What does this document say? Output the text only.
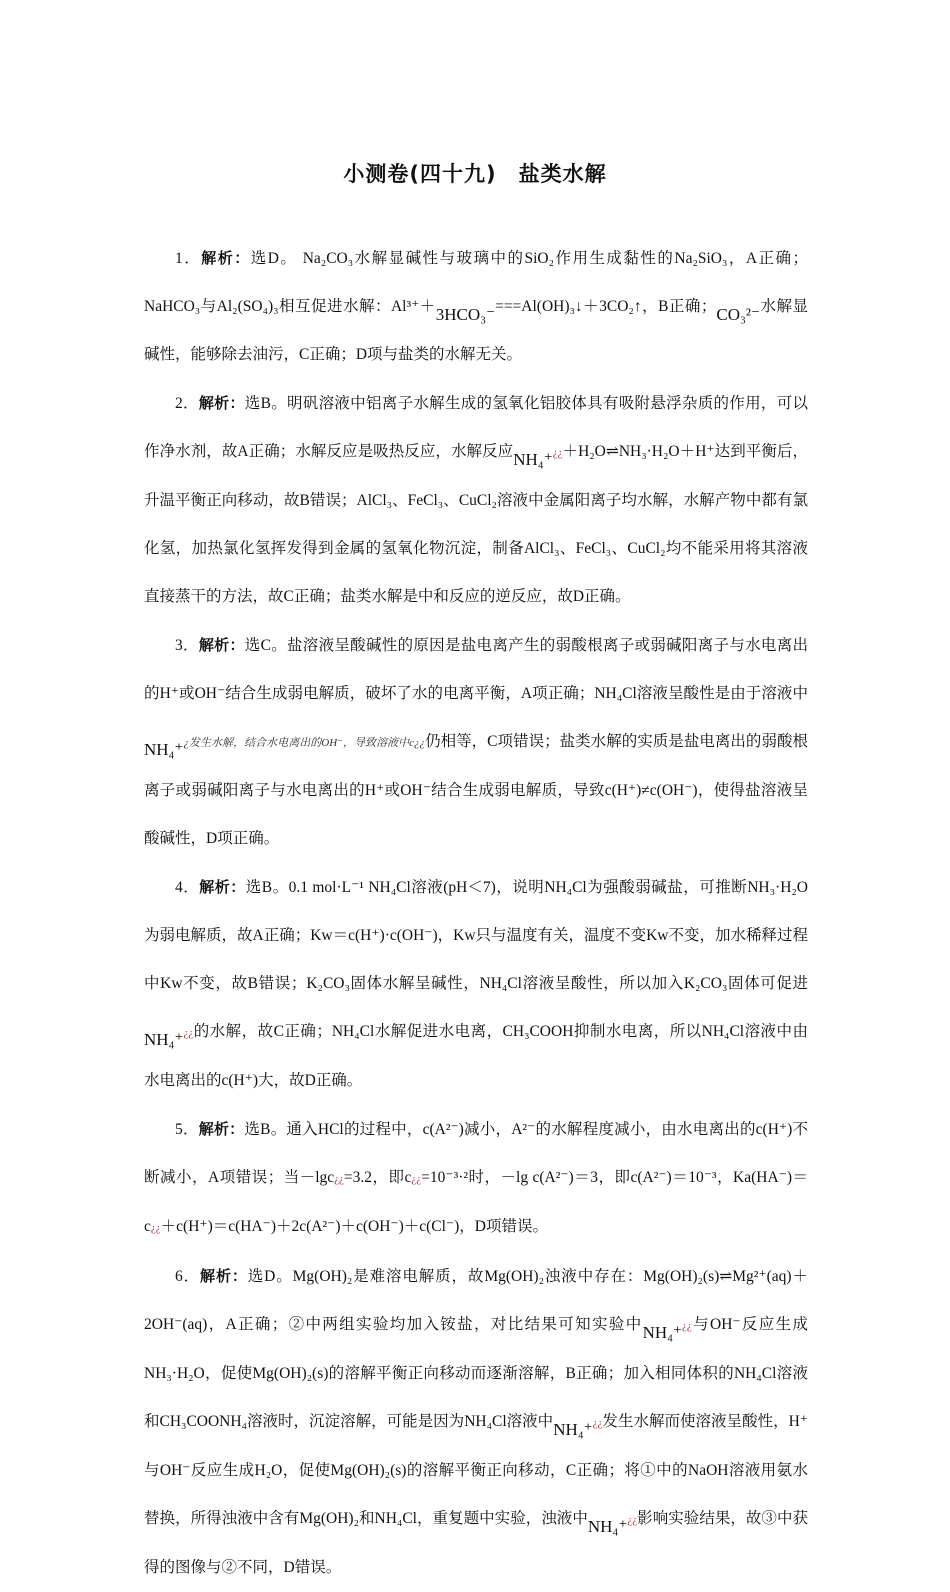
小测卷(四十九)　盐类水解

1．解析：选D。 Na₂CO₃水解显碱性与玻璃中的SiO₂作用生成黏性的Na₂SiO₃，A正确；NaHCO₃与Al₂(SO₄)₃相互促进水解：Al³⁺＋3HCO₃⁻===Al(OH)₃↓＋3CO₂↑，B正确；CO₃²⁻水解显碱性，能够除去油污，C正确；D项与盐类的水解无关。

2．解析：选B。明矾溶液中铝离子水解生成的氢氧化铝胶体具有吸附悬浮杂质的作用，可以作净水剂，故A正确；水解反应是吸热反应，水解反应NH₄⁺¿¿＋H₂O⇌NH₃·H₂O＋H⁺达到平衡后，升温平衡正向移动，故B错误；AlCl₃、FeCl₃、CuCl₂溶液中金属阳离子均水解，水解产物中都有氯化氢，加热氯化氢挥发得到金属的氢氧化物沉淀，制备AlCl₃、FeCl₃、CuCl₂均不能采用将其溶液直接蒸干的方法，故C正确；盐类水解是中和反应的逆反应，故D正确。

3．解析：选C。盐溶液呈酸碱性的原因是盐电离产生的弱酸根离子或弱碱阳离子与水电离出的H⁺或OH⁻结合生成弱电解质，破坏了水的电离平衡，A项正确；NH₄Cl溶液呈酸性是由于溶液中NH₄⁺¿发生水解，结合水电离出的OH⁻，导致溶液中c¿¿仍相等，C项错误；盐类水解的实质是盐电离出的弱酸根离子或弱碱阳离子与水电离出的H⁺或OH⁻结合生成弱电解质，导致c(H⁺)≠c(OH⁻)，使得盐溶液呈酸碱性，D项正确。

4．解析：选B。0.1 mol·L⁻¹ NH₄Cl溶液(pH＜7)，说明NH₄Cl为强酸弱碱盐，可推断NH₃·H₂O为弱电解质，故A正确；Kw＝c(H⁺)·c(OH⁻)，Kw只与温度有关，温度不变Kw不变，加水稀释过程中Kw不变，故B错误；K₂CO₃固体水解呈碱性，NH₄Cl溶液呈酸性，所以加入K₂CO₃固体可促进NH₄⁺¿¿的水解，故C正确；NH₄Cl水解促进水电离，CH₃COOH抑制水电离，所以NH₄Cl溶液中由水电离出的c(H⁺)大，故D正确。

5．解析：选B。通入HCl的过程中，c(A²⁻)减小，A²⁻的水解程度减小，由水电离出的c(H⁺)不断减小，A项错误；当－lgc¿¿=3.2，即c¿¿=10⁻³·²时，－lg c(A²⁻)＝3，即c(A²⁻)＝10⁻³，Ka(HA⁻)＝c¿¿＋c(H⁺)＝c(HA⁻)＋2c(A²⁻)＋c(OH⁻)＋c(Cl⁻)，D项错误。

6．解析：选D。Mg(OH)₂是难溶电解质，故Mg(OH)₂浊液中存在：Mg(OH)₂(s)⇌Mg²⁺(aq)＋2OH⁻(aq)，A正确；②中两组实验均加入铵盐，对比结果可知实验中NH₄⁺¿¿与OH⁻反应生成NH₃·H₂O，促使Mg(OH)₂(s)的溶解平衡正向移动而逐渐溶解，B正确；加入相同体积的NH₄Cl溶液和CH₃COONH₄溶液时，沉淀溶解，可能是因为NH₄Cl溶液中NH₄⁺¿¿发生水解而使溶液呈酸性，H⁺与OH⁻反应生成H₂O，促使Mg(OH)₂(s)的溶解平衡正向移动，C正确；将①中的NaOH溶液用氨水替换，所得浊液中含有Mg(OH)₂和NH₄Cl，重复题中实验，浊液中NH₄⁺¿¿影响实验结果，故③中获得的图像与②不同，D错误。
